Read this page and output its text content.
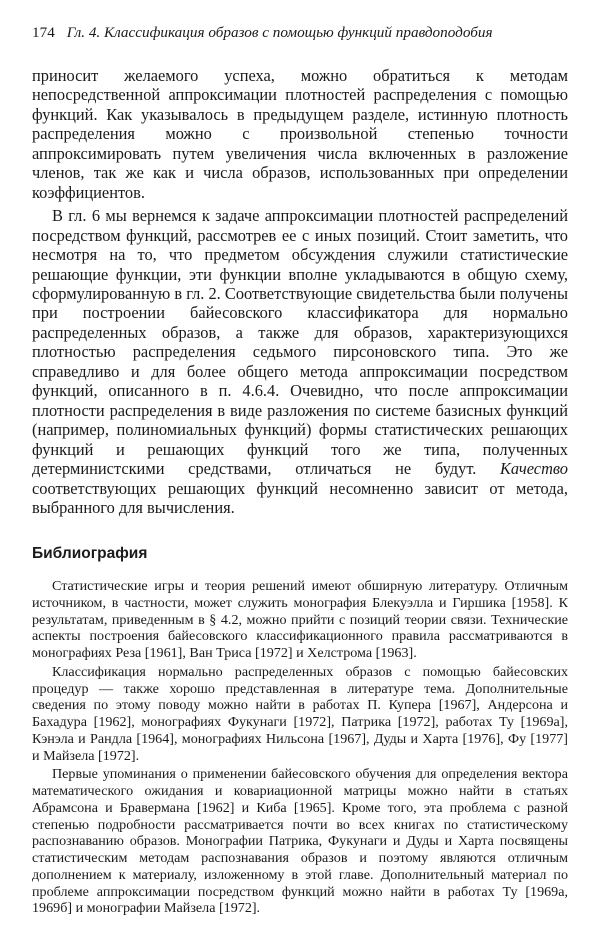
174 Гл. 4. Классификация образов с помощью функций правдоподобия

приносит желаемого успеха, можно обратиться к методам непосредственной аппроксимации плотностей распределения с помощью функций. Как указывалось в предыдущем разделе, истинную плотность распределения можно с произвольной степенью точности аппроксимировать путем увеличения числа включенных в разложение членов, так же как и числа образов, использованных при определении коэффициентов.

В гл. 6 мы вернемся к задаче аппроксимации плотностей распределений посредством функций, рассмотрев ее с иных позиций. Стоит заметить, что несмотря на то, что предметом обсуждения служили статистические решающие функции, эти функции вполне укладываются в общую схему, сформулированную в гл. 2. Соответствующие свидетельства были получены при построении байесовского классификатора для нормально распределенных образов, а также для образов, характеризующихся плотностью распределения седьмого пирсоновского типа. Это же справедливо и для более общего метода аппроксимации посредством функций, описанного в п. 4.6.4. Очевидно, что после аппроксимации плотности распределения в виде разложения по системе базисных функций (например, полиномиальных функций) формы статистических решающих функций и решающих функций того же типа, полученных детерминистскими средствами, отличаться не будут. Качество соответствующих решающих функций несомненно зависит от метода, выбранного для вычисления.

Библиография

Статистические игры и теория решений имеют обширную литературу. Отличным источником, в частности, может служить монография Блекуэлла и Гиршика [1958]. К результатам, приведенным в § 4.2, можно прийти с позиций теории связи. Технические аспекты построения байесовского классификационного правила рассматриваются в монографиях Реза [1961], Ван Триса [1972] и Хелстрома [1963].

Классификация нормально распределенных образов с помощью байесовских процедур — также хорошо представленная в литературе тема. Дополнительные сведения по этому поводу можно найти в работах П. Купера [1967], Андерсона и Бахадура [1962], монографиях Фукунаги [1972], Патрика [1972], работах Ту [1969а], Кэнэла и Рандла [1964], монографиях Нильсона [1967], Дуды и Харта [1976], Фу [1977] и Майзела [1972].

Первые упоминания о применении байесовского обучения для определения вектора математического ожидания и ковариационной матрицы можно найти в статьях Абрамсона и Бравермана [1962] и Киба [1965]. Кроме того, эта проблема с разной степенью подробности рассматривается почти во всех книгах по статистическому распознаванию образов. Монографии Патрика, Фукунаги и Дуды и Харта посвящены статистическим методам распознавания образов и поэтому являются отличным дополнением к материалу, изложенному в этой главе. Дополнительный материал по проблеме аппроксимации посредством функций можно найти в работах Ту [1969а, 1969б] и монографии Майзела [1972].
